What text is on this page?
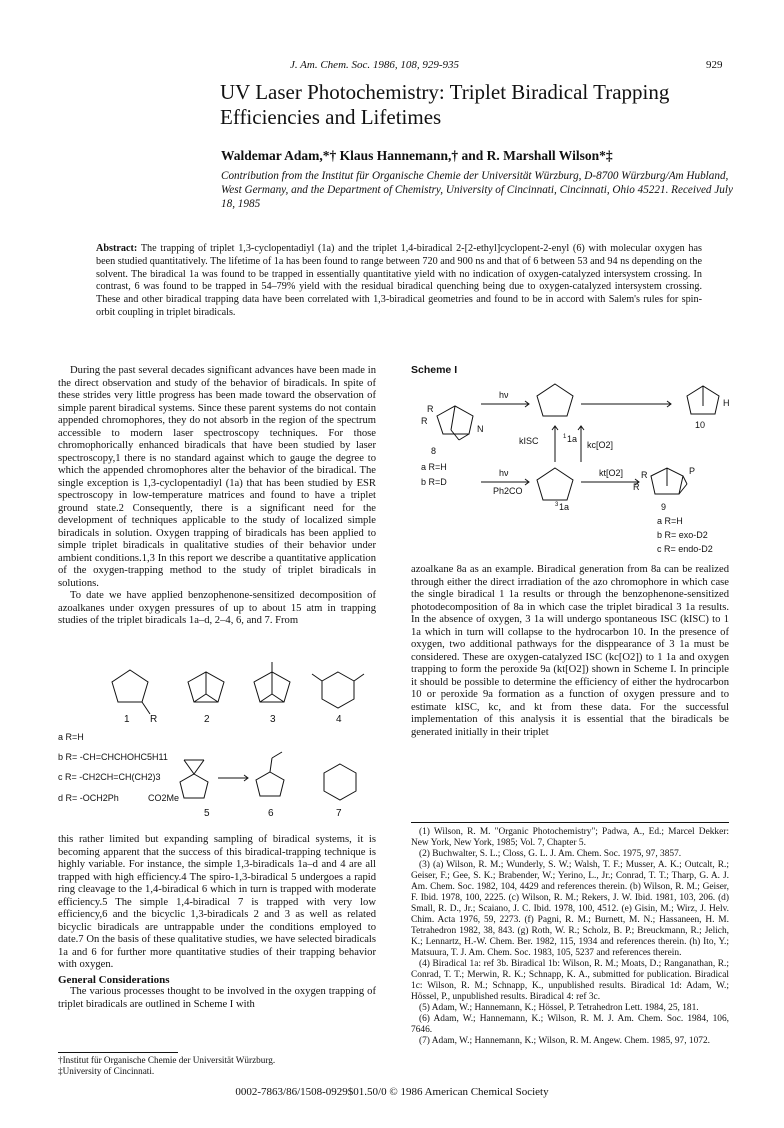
J. Am. Chem. Soc. 1986, 108, 929-935	929
UV Laser Photochemistry: Triplet Biradical Trapping Efficiencies and Lifetimes
Waldemar Adam,*† Klaus Hannemann,† and R. Marshall Wilson*‡
Contribution from the Institut für Organische Chemie der Universität Würzburg, D-8700 Würzburg/Am Hubland, West Germany, and the Department of Chemistry, University of Cincinnati, Cincinnati, Ohio 45221. Received July 18, 1985
Abstract: The trapping of triplet 1,3-cyclopentadiyl (1a) and the triplet 1,4-biradical 2-[2-ethyl]cyclopent-2-enyl (6) with molecular oxygen has been studied quantitatively. The lifetime of 1a has been found to range between 720 and 900 ns and that of 6 between 53 and 94 ns depending on the solvent. The biradical 1a was found to be trapped in essentially quantitative yield with no indication of oxygen-catalyzed intersystem crossing. In contrast, 6 was found to be trapped in 54–79% yield with the residual biradical quenching being due to oxygen-catalyzed intersystem crossing. These and other biradical trapping data have been correlated with 1,3-biradical geometries and found to be in accord with Salem's rules for spin-orbit coupling in triplet biradicals.

During the past several decades significant advances have been made in the direct observation and study of the behavior of biradicals. In spite of these strides very little progress has been made toward the observation of simple parent biradical systems. Since these parent systems do not contain appended chromophores, they do not absorb in the region of the spectrum accessible to modern laser spectroscopy techniques. For those chromophorically enhanced biradicals that have been studied by laser spectroscopy,1 there is no standard against which to gauge the degree to which the appended chromophores alter the behavior of the biradical. The single exception is 1,3-cyclopentadiyl (1a) that has been studied by ESR spectroscopy in low-temperature matrices and found to have a triplet ground state.2 Consequently, there is a significant need for the development of techniques applicable to the study of localized simple biradicals in solution. Oxygen trapping of biradicals has been applied to simple triplet biradicals in qualitative studies of their behavior under ambient conditions.1,3 In this report we describe a quantitative application of the oxygen-trapping method to the study of triplet biradicals in solutions.

To date we have applied benzophenone-sensitized decomposition of azoalkanes under oxygen pressures of up to about 15 atm in trapping studies of the triplet biradicals 1a–d, 2–4, 6, and 7. From

R
1	2	3	4
a R=H
b R= -CH=CHCHOHC5H11
c R= -CH2CH=CH(CH2)3
d R= -OCH2Ph	CO2Me
5	6	7

this rather limited but expanding sampling of biradical systems, it is becoming apparent that the success of this biradical-trapping technique is highly variable. For instance, the simple 1,3-biradicals 1a–d and 4 are all trapped with high efficiency.4 The spiro-1,3-biradical 5 undergoes a rapid ring cleavage to the 1,4-biradical 6 which in turn is trapped with moderate efficiency.5 The simple 1,4-biradical 7 is trapped with very low efficiency,6 and the bicyclic 1,3-biradicals 2 and 3 as well as related bicyclic biradicals are untrappable under the conditions employed to date.7 On the basis of these qualitative studies, we have selected biradicals 1a and 6 for further more quantitative studies of their trapping behavior with oxygen.

General Considerations

The various processes thought to be involved in the oxygen trapping of triplet biradicals are outlined in Scheme I with

†Institut für Organische Chemie der Universität Würzburg.
‡University of Cincinnati.
Scheme I
hν
hν
Ph2CO
R
R
N
8
a R=H
b R=D
1 1a
3 1a
kISC	kc[O2]
kt[O2]
H
10
R
R
P
9
a R=H
b R= exo-D2
c R= endo-D2

azoalkane 8a as an example. Biradical generation from 8a can be realized through either the direct irradiation of the azo chromophore in which case the single biradical 1 1a results or through the benzophenone-sensitized photodecomposition of 8a in which case the triplet biradical 3 1a results. In the absence of oxygen, 3 1a will undergo spontaneous ISC (kISC) to 1 1a which in turn will collapse to the hydrocarbon 10. In the presence of oxygen, two additional pathways for the disppearance of 3 1a must be considered. These are oxygen-catalyzed ISC (kc[O2]) to 1 1a and oxygen trapping to form the peroxide 9a (kt[O2]) shown in Scheme I. In principle it should be possible to determine the efficiency of either the hydrocarbon 10 or peroxide 9a formation as a function of oxygen pressure and to estimate kISC, kc, and kt from these data. For the successful implementation of this analysis it is essential that the biradicals be generated initially in their triplet

(1) Wilson, R. M. "Organic Photochemistry"; Padwa, A., Ed.; Marcel Dekker: New York, New York, 1985; Vol. 7, Chapter 5.
(2) Buchwalter, S. L.; Closs, G. L. J. Am. Chem. Soc. 1975, 97, 3857.
(3) (a) Wilson, R. M.; Wunderly, S. W.; Walsh, T. F.; Musser, A. K.; Outcalt, R.; Geiser, F.; Gee, S. K.; Brabender, W.; Yerino, L., Jr.; Conrad, T. T.; Tharp, G. A. J. Am. Chem. Soc. 1982, 104, 4429 and references therein. (b) Wilson, R. M.; Geiser, F. Ibid. 1978, 100, 2225. (c) Wilson, R. M.; Rekers, J. W. Ibid. 1981, 103, 206. (d) Small, R. D., Jr.; Scaiano, J. C. Ibid. 1978, 100, 4512. (e) Gisin, M.; Wirz, J. Helv. Chim. Acta 1976, 59, 2273. (f) Pagni, R. M.; Burnett, M. N.; Hassaneen, H. M. Tetrahedron 1982, 38, 843. (g) Roth, W. R.; Scholz, B. P.; Breuckmann, R.; Jelich, K.; Lennartz, H.-W. Chem. Ber. 1982, 115, 1934 and references therein. (h) Ito, Y.; Matsuura, T. J. Am. Chem. Soc. 1983, 105, 5237 and references therein.
(4) Biradical 1a: ref 3b. Biradical 1b: Wilson, R. M.; Moats, D.; Ranganathan, R.; Conrad, T. T.; Merwin, R. K.; Schnapp, K. A., submitted for publication. Biradical 1c: Wilson, R. M.; Schnapp, K., unpublished results. Biradical 1d: Adam, W.; Hössel, P., unpublished results. Biradical 4: ref 3c.
(5) Adam, W.; Hannemann, K.; Hössel, P. Tetrahedron Lett. 1984, 25, 181.
(6) Adam, W.; Hannemann, K.; Wilson, R. M. J. Am. Chem. Soc. 1984, 106, 7646.
(7) Adam, W.; Hannemann, K.; Wilson, R. M. Angew. Chem. 1985, 97, 1072.
0002-7863/86/1508-0929$01.50/0 © 1986 American Chemical Society
